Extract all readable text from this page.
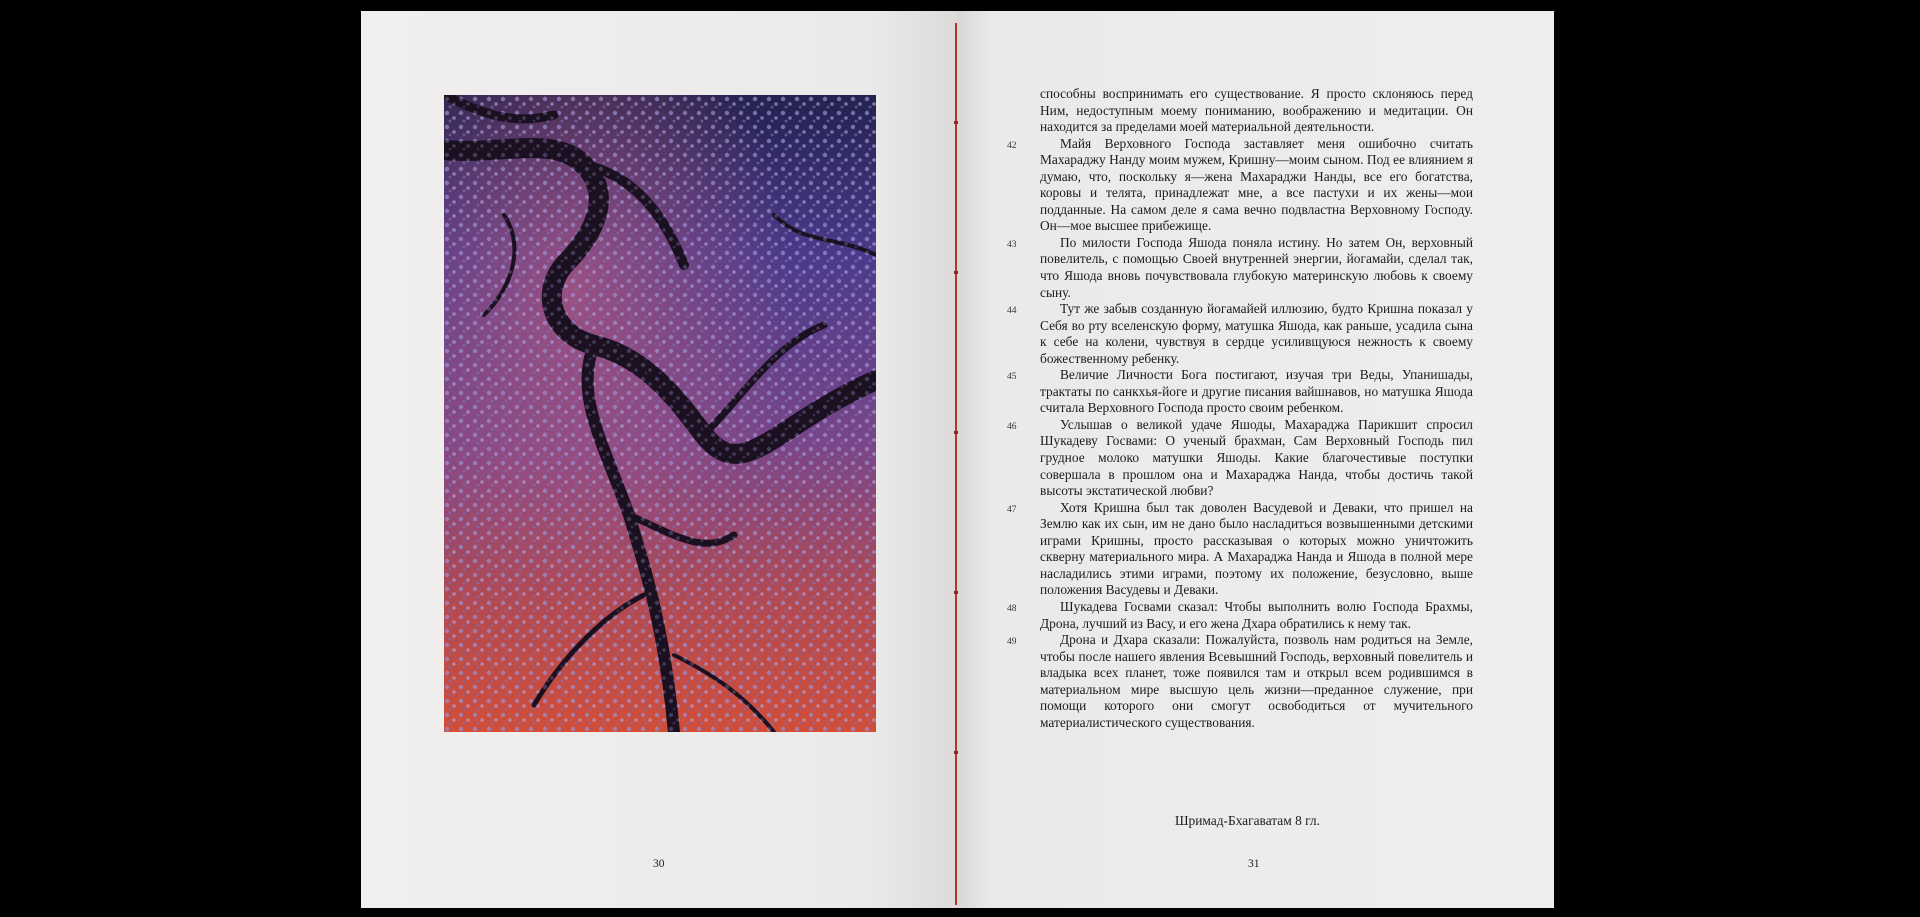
30

способны воспринимать его существование. Я просто склоняюсь перед Ним, недоступным моему пониманию, воображению и медитации. Он находится за пределами моей материальной деятельности.

42	Майя Верховного Господа заставляет меня ошибочно считать Махараджу Нанду моим мужем, Кришну—моим сыном. Под ее влиянием я думаю, что, поскольку я—жена Махараджи Нанды, все его богатства, коровы и телята, принадлежат мне, а все пастухи и их жены—мои подданные. На самом деле я сама вечно подвластна Верховному Господу. Он—мое высшее прибежище.

43	По милости Господа Яшода поняла истину. Но затем Он, верховный повелитель, с помощью Своей внутренней энергии, йогамайи, сделал так, что Яшода вновь почувствовала глубокую материнскую любовь к своему сыну.

44	Тут же забыв созданную йогамайей иллюзию, будто Кришна показал у Себя во рту вселенскую форму, матушка Яшода, как раньше, усадила сына к себе на колени, чувствуя в сердце усиливщуюся нежность к своему божественному ребенку.

45	Величие Личности Бога постигают, изучая три Веды, Упанишады, трактаты по санкхья-йоге и другие писания вайшнавов, но матушка Яшода считала Верховного Господа просто своим ребенком.

46	Услышав о великой удаче Яшоды, Махараджа Парикшит спросил Шукадеву Госвами: О ученый брахман, Сам Верховный Господь пил грудное молоко матушки Яшоды. Какие благочестивые поступки совершала в прошлом она и Махараджа Нанда, чтобы достичь такой высоты экстатической любви?

47	Хотя Кришна был так доволен Васудевой и Деваки, что пришел на Землю как их сын, им не дано было насладиться возвышенными детскими играми Кришны, просто рассказывая о которых можно уничтожить скверну материального мира. А Махараджа Нанда и Яшода в полной мере насладились этими играми, поэтому их положение, безусловно, выше положения Васудевы и Деваки.

48	Шукадева Госвами сказал: Чтобы выполнить волю Господа Брахмы, Дрона, лучший из Васу, и его жена Дхара обратились к нему так.

49	Дрона и Дхара сказали: Пожалуйста, позволь нам родиться на Земле, чтобы после нашего явления Всевышний Господь, верховный повелитель и владыка всех планет, тоже появился там и открыл всем родившимся в материальном мире высшую цель жизни—преданное служение, при помощи которого они смогут освободиться от мучительного материалистического существования.

Шримад-Бхагаватам 8 гл.
31
